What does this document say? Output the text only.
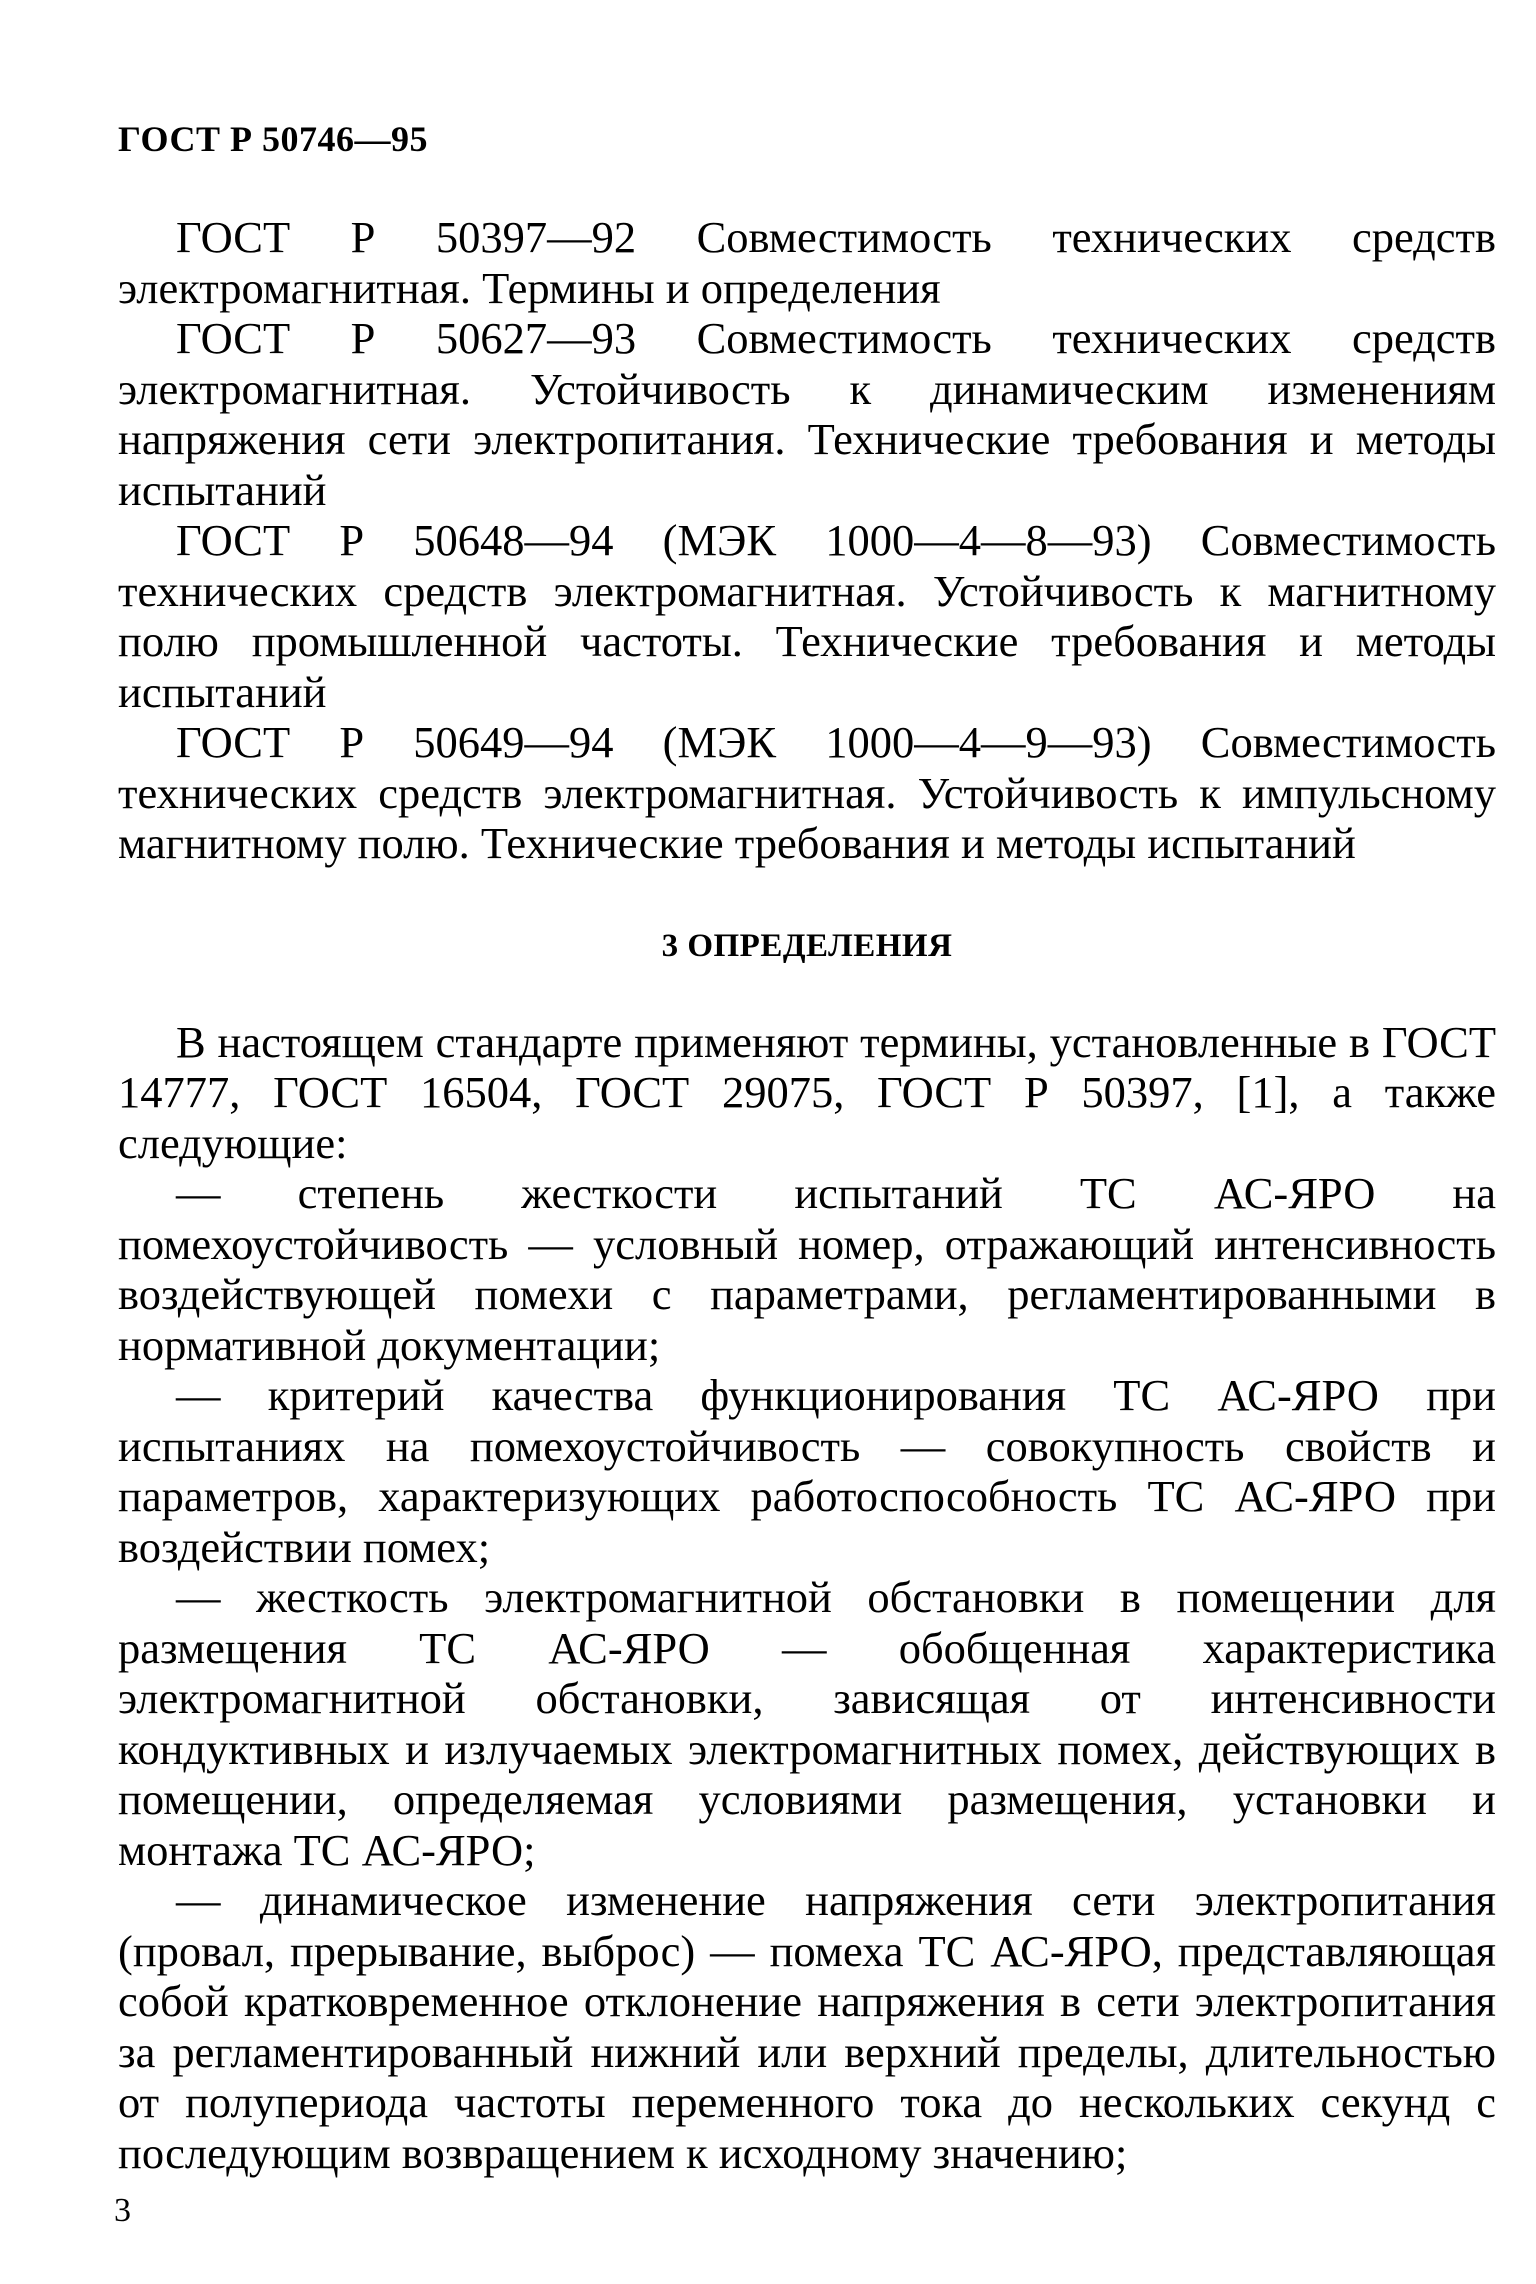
ГОСТ Р 50746—95

ГОСТ Р 50397—92 Совместимость технических средств электромагнитная. Термины и определения

ГОСТ Р 50627—93 Совместимость технических средств электромагнитная. Устойчивость к динамическим изменениям напряжения сети электропитания. Технические требования и методы испытаний

ГОСТ Р 50648—94 (МЭК 1000—4—8—93) Совместимость технических средств электромагнитная. Устойчивость к магнитному полю промышленной частоты. Технические требования и методы испытаний

ГОСТ Р 50649—94 (МЭК 1000—4—9—93) Совместимость технических средств электромагнитная. Устойчивость к импульсному магнитному полю. Технические требования и методы испытаний

3 ОПРЕДЕЛЕНИЯ

В настоящем стандарте применяют термины, установленные в ГОСТ 14777, ГОСТ 16504, ГОСТ 29075, ГОСТ Р 50397, [1], а также следующие:

— степень жесткости испытаний ТС АС-ЯРО на помехоустойчивость — условный номер, отражающий интенсивность воздействующей помехи с параметрами, регламентированными в нормативной документации;

— критерий качества функционирования ТС АС-ЯРО при испытаниях на помехоустойчивость — совокупность свойств и параметров, характеризующих работоспособность ТС АС-ЯРО при воздействии помех;

— жесткость электромагнитной обстановки в помещении для размещения ТС АС-ЯРО — обобщенная характеристика электромагнитной обстановки, зависящая от интенсивности кондуктивных и излучаемых электромагнитных помех, действующих в помещении, определяемая условиями размещения, установки и монтажа ТС АС-ЯРО;

— динамическое изменение напряжения сети электропитания (провал, прерывание, выброс) — помеха ТС АС-ЯРО, представляющая собой кратковременное отклонение напряжения в сети электропитания за регламентированный нижний или верхний пределы, длительностью от полупериода частоты переменного тока до нескольких секунд с последующим возвращением к исходному значению;

3
